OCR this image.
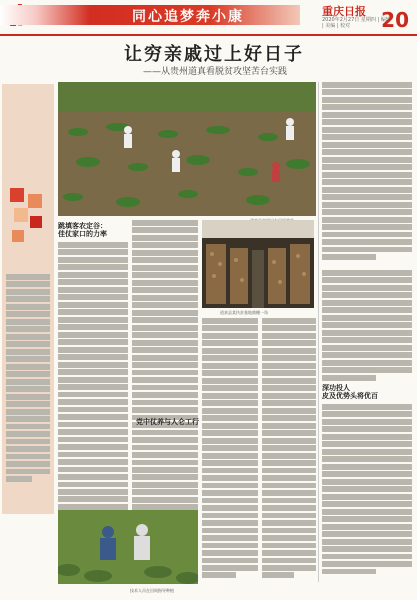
同心追梦奔小康	重庆日报
2020年2月27日 星期四 | 编辑 | 美编 | 校对	20
让穷亲戚过上好日子
——从贵州道真看脱贫攻坚苦台实践
跳填客农定谷：
佳仗家口的力率
道真县某扶贫基地菌棚一角
党中仗养与人仑工行
深功投人
皮及优势头将优百
技术人员在田间指导种植
